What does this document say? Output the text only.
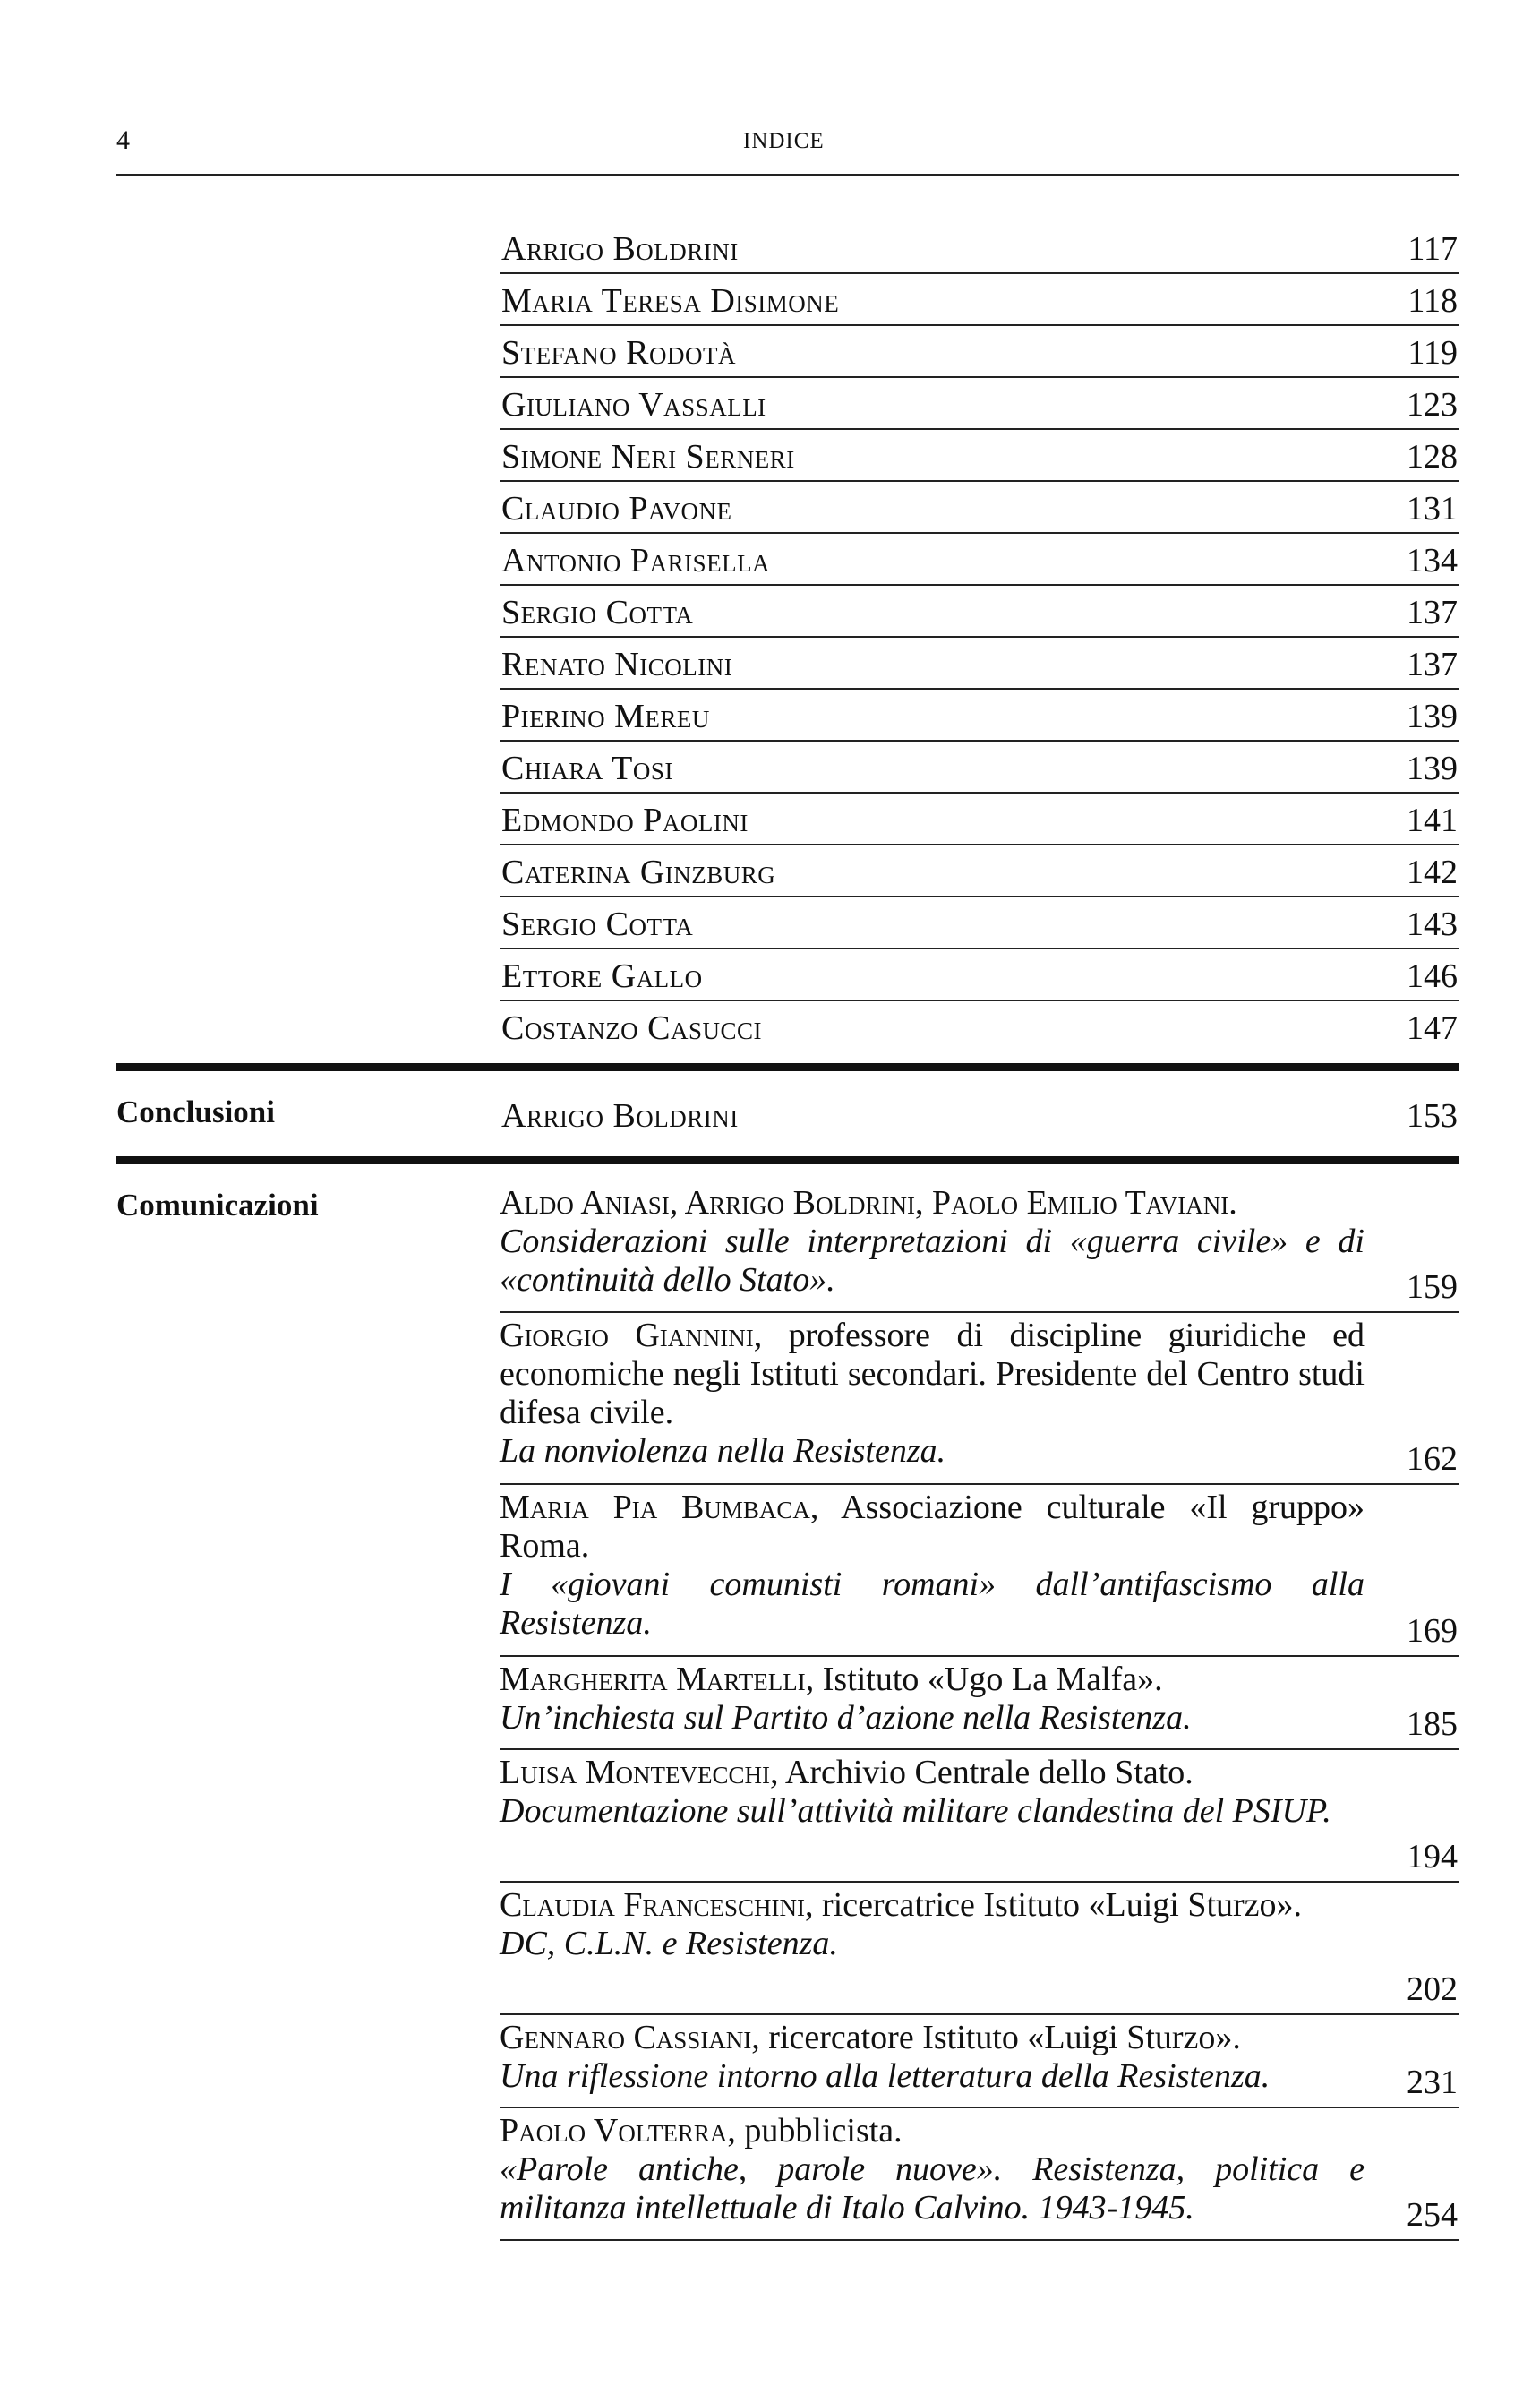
4	INDICE
Arrigo Boldrini	117
Maria Teresa Disimone	118
Stefano Rodotà	119
Giuliano Vassalli	123
Simone Neri Serneri	128
Claudio Pavone	131
Antonio Parisella	134
Sergio Cotta	137
Renato Nicolini	137
Pierino Mereu	139
Chiara Tosi	139
Edmondo Paolini	141
Caterina Ginzburg	142
Sergio Cotta	143
Ettore Gallo	146
Costanzo Casucci	147
Conclusioni	Arrigo Boldrini	153
Comunicazioni	Aldo Aniasi, Arrigo Boldrini, Paolo Emilio Taviani.
Considerazioni sulle interpretazioni di «guerra civile» e di «continuità dello Stato».	159
Giorgio Giannini, professore di discipline giuridiche ed economiche negli Istituti secondari. Presidente del Centro studi difesa civile.
La nonviolenza nella Resistenza.	162
Maria Pia Bumbaca, Associazione culturale «Il gruppo» Roma.
I «giovani comunisti romani» dall’antifascismo alla Resistenza.	169
Margherita Martelli, Istituto «Ugo La Malfa».
Un’inchiesta sul Partito d’azione nella Resistenza.	185
Luisa Montevecchi, Archivio Centrale dello Stato.
Documentazione sull’attività militare clandestina del PSIUP.
194
Claudia Franceschini, ricercatrice Istituto «Luigi Sturzo».
DC, C.L.N. e Resistenza.
202
Gennaro Cassiani, ricercatore Istituto «Luigi Sturzo».
Una riflessione intorno alla letteratura della Resistenza.	231
Paolo Volterra, pubblicista.
«Parole antiche, parole nuove». Resistenza, politica e militanza intellettuale di Italo Calvino. 1943-1945.	254
